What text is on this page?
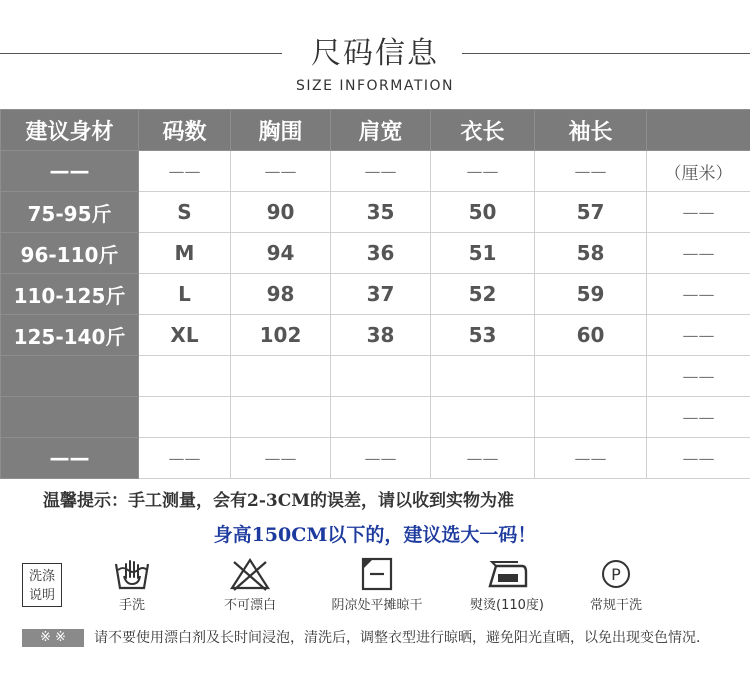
尺码信息
SIZE INFORMATION
建议身材	码数	胸围	肩宽	衣长	袖长	
——	——	——	——	——	——	（厘米）
75-95斤	S	90	35	50	57	——
96-110斤	M	94	36	51	58	——
110-125斤	L	98	37	52	59	——
125-140斤	XL	102	38	53	60	——
						——
						——
——	——	——	——	——	——	——
温馨提示：手工测量，会有2-3CM的误差，请以收到实物为准
身高150CM以下的，建议选大一码！
洗涤
说明
手洗	不可漂白	阴凉处平摊晾干	熨烫(110度)
P
常规干洗
※ ※	请不要使用漂白剂及长时间浸泡，清洗后，调整衣型进行晾晒，避免阳光直晒，以免出现变色情况.
